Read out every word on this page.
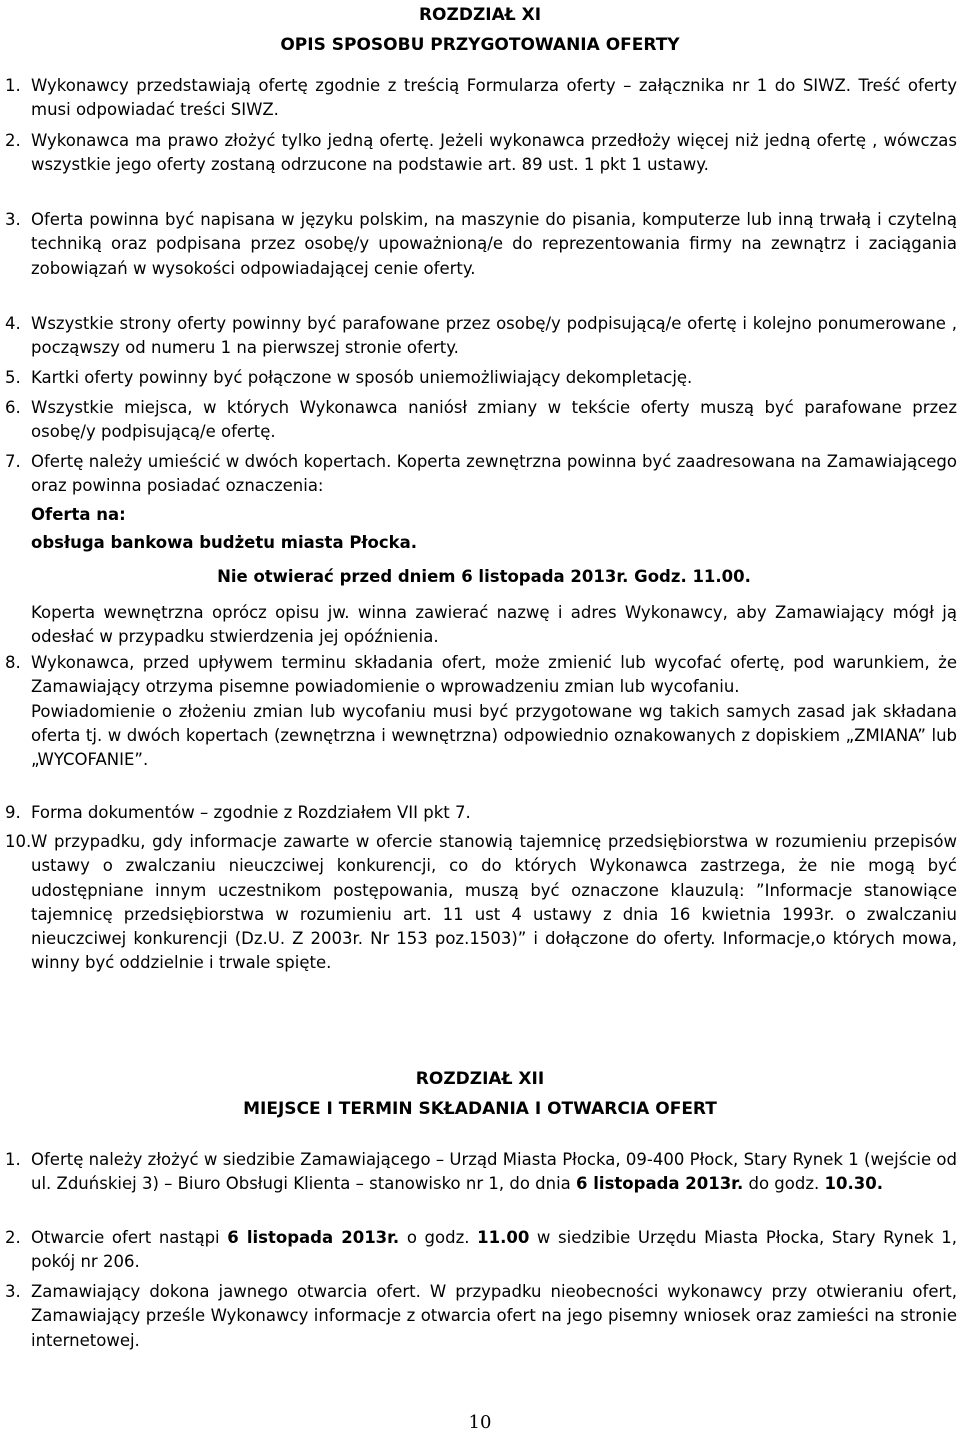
ROZDZIAŁ XI
OPIS SPOSOBU PRZYGOTOWANIA OFERTY
1. Wykonawcy przedstawiają ofertę zgodnie z treścią Formularza oferty – załącznika nr 1 do SIWZ. Treść oferty musi odpowiadać treści SIWZ.
2. Wykonawca ma prawo złożyć tylko jedną ofertę. Jeżeli wykonawca przedłoży więcej niż jedną ofertę , wówczas wszystkie jego oferty zostaną odrzucone na podstawie art. 89 ust. 1 pkt 1 ustawy.
3. Oferta powinna być napisana w języku polskim, na maszynie do pisania, komputerze lub inną trwałą i czytelną techniką oraz podpisana przez osobę/y upoważnioną/e do reprezentowania firmy na zewnątrz i zaciągania zobowiązań w wysokości odpowiadającej cenie oferty.
4. Wszystkie strony oferty powinny być parafowane przez osobę/y podpisującą/e ofertę i kolejno ponumerowane , począwszy od numeru 1 na pierwszej stronie oferty.
5. Kartki oferty powinny być połączone w sposób uniemożliwiający dekompletację.
6. Wszystkie miejsca, w których Wykonawca naniósł zmiany w tekście oferty muszą być parafowane przez osobę/y podpisującą/e ofertę.
7. Ofertę należy umieścić w dwóch kopertach. Koperta zewnętrzna powinna być zaadresowana na Zamawiającego oraz powinna posiadać oznaczenia:
Oferta na:
obsługa bankowa budżetu miasta Płocka.
Nie otwierać przed dniem 6 listopada 2013r. Godz. 11.00.
Koperta wewnętrzna oprócz opisu jw. winna zawierać nazwę i adres Wykonawcy, aby Zamawiający mógł ją odesłać w przypadku stwierdzenia jej opóźnienia.
8. Wykonawca, przed upływem terminu składania ofert, może zmienić lub wycofać ofertę, pod warunkiem, że Zamawiający otrzyma pisemne powiadomienie o wprowadzeniu zmian lub wycofaniu.

Powiadomienie o złożeniu zmian lub wycofaniu musi być przygotowane wg takich samych zasad jak składana oferta tj. w dwóch kopertach (zewnętrzna i wewnętrzna) odpowiednio oznakowanych z dopiskiem „ZMIANA” lub „WYCOFANIE”.

9. Forma dokumentów – zgodnie z Rozdziałem VII pkt 7.
10. W przypadku, gdy informacje zawarte w ofercie stanowią tajemnicę przedsiębiorstwa w rozumieniu przepisów ustawy o zwalczaniu nieuczciwej konkurencji, co do których Wykonawca zastrzega, że nie mogą być udostępniane innym uczestnikom postępowania, muszą być oznaczone klauzulą: ”Informacje stanowiące tajemnicę przedsiębiorstwa w rozumieniu art. 11 ust 4 ustawy z dnia 16 kwietnia 1993r. o zwalczaniu nieuczciwej konkurencji (Dz.U. Z 2003r. Nr 153 poz.1503)” i dołączone do oferty. Informacje,o których mowa, winny być oddzielnie i trwale spięte.
ROZDZIAŁ XII
MIEJSCE I TERMIN SKŁADANIA I OTWARCIA OFERT
1. Ofertę należy złożyć w siedzibie Zamawiającego – Urząd Miasta Płocka, 09-400 Płock, Stary Rynek 1 (wejście od ul. Zduńskiej 3) – Biuro Obsługi Klienta – stanowisko nr 1, do dnia 6 listopada 2013r. do godz. 10.30.
2. Otwarcie ofert nastąpi 6 listopada 2013r. o godz. 11.00 w siedzibie Urzędu Miasta Płocka, Stary Rynek 1, pokój nr 206.
3. Zamawiający dokona jawnego otwarcia ofert. W przypadku nieobecności wykonawcy przy otwieraniu ofert, Zamawiający prześle Wykonawcy informacje z otwarcia ofert na jego pisemny wniosek oraz zamieści na stronie internetowej.
10
